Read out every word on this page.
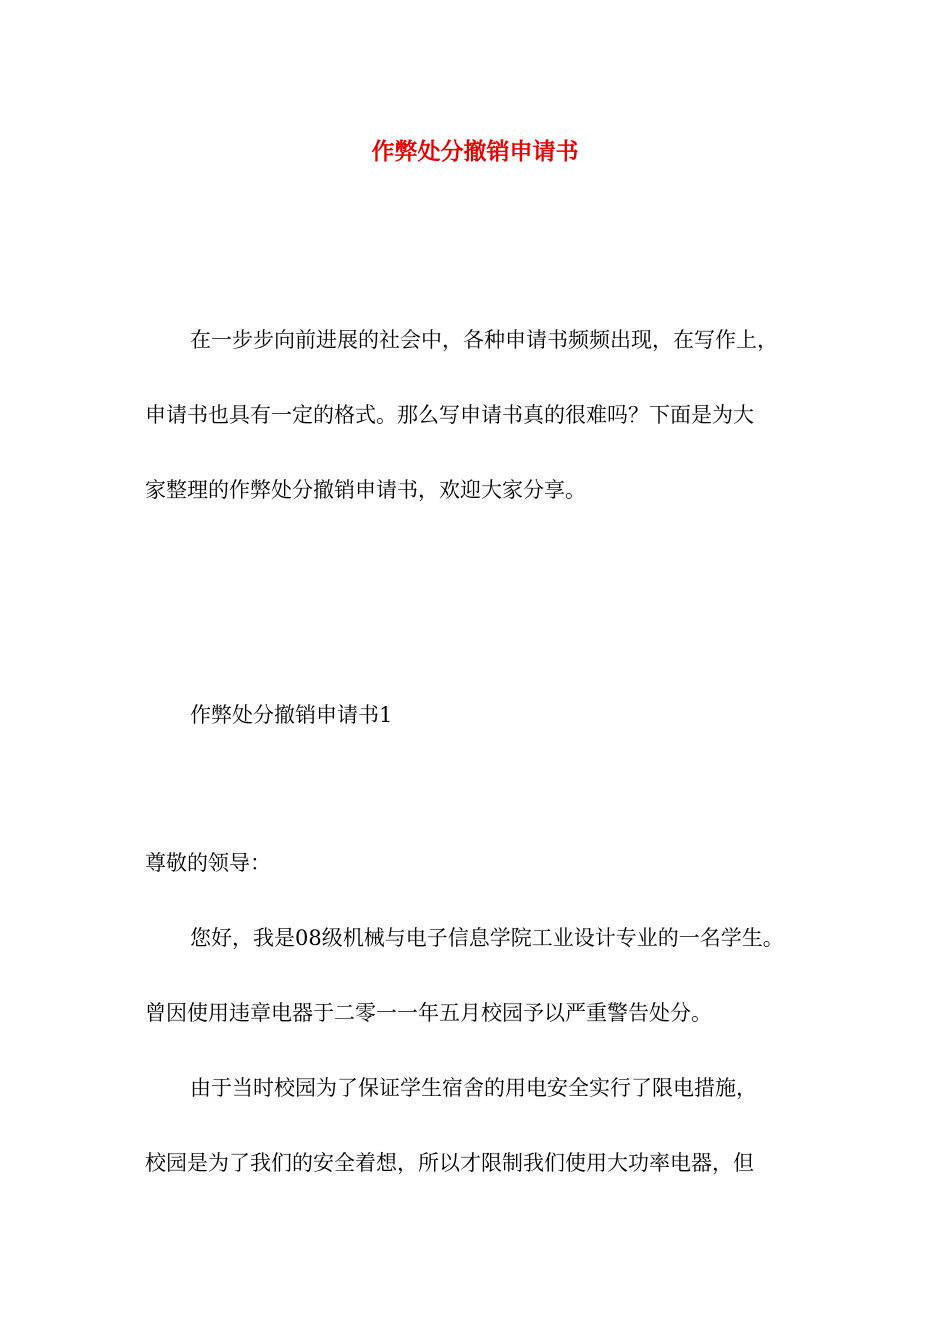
作弊处分撤销申请书
在一步步向前进展的社会中，各种申请书频频出现，在写作上，
申请书也具有一定的格式。那么写申请书真的很难吗？下面是为大
家整理的作弊处分撤销申请书，欢迎大家分享。
作弊处分撤销申请书1
尊敬的领导：
您好，我是08级机械与电子信息学院工业设计专业的一名学生。
曾因使用违章电器于二零一一年五月校园予以严重警告处分。
由于当时校园为了保证学生宿舍的用电安全实行了限电措施，
校园是为了我们的安全着想，所以才限制我们使用大功率电器，但
